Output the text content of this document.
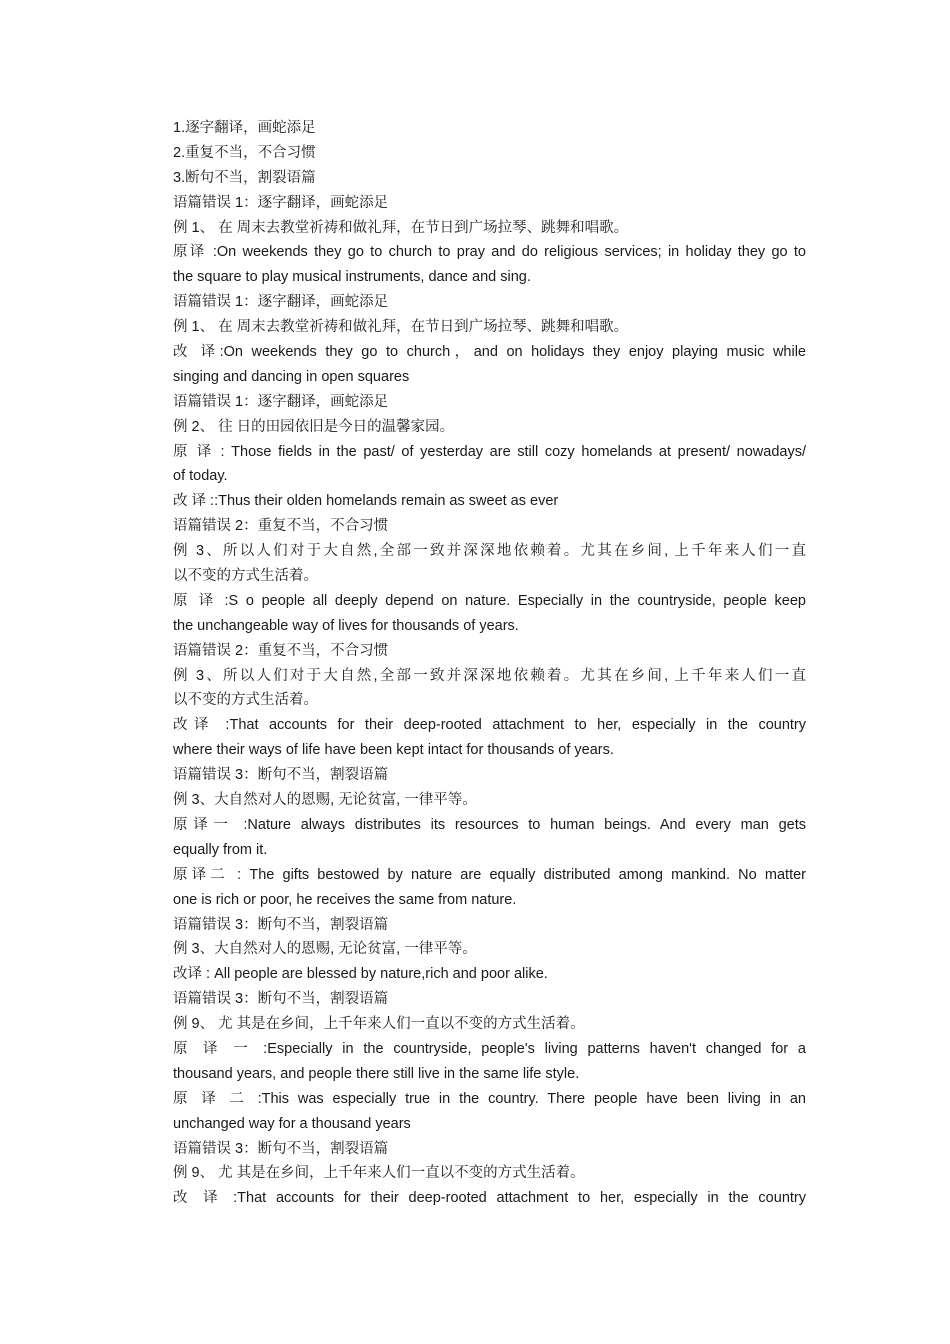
1.逐字翻译，画蛇添足
2.重复不当，不合习惯
3.断句不当，割裂语篇
语篇错误 1：逐字翻译，画蛇添足
例 1、 在 周末去教堂祈祷和做礼拜，在节日到广场拉琴、跳舞和唱歌。
原译 :On weekends they go to church to pray and do religious services; in holiday they go to
the square to play musical instruments, dance and sing.
语篇错误 1：逐字翻译，画蛇添足
例 1、 在 周末去教堂祈祷和做礼拜，在节日到广场拉琴、跳舞和唱歌。
改 译:On weekends they go to church，and on holidays they enjoy playing music while
singing and dancing in open squares
语篇错误 1：逐字翻译，画蛇添足
例 2、 往 日的田园依旧是今日的温馨家园。
原 译 : Those fields in the past/ of yesterday are still cozy homelands at present/ nowadays/
of today.
改 译 ::Thus their olden homelands remain as sweet as ever
语篇错误 2：重复不当，不合习惯
例 3、所以人们对于大自然,全部一致并深深地依赖着。尤其在乡间, 上千年来人们一直
以不变的方式生活着。
原 译 :S o people all deeply depend on nature. Especially in the countryside, people keep
the unchangeable way of lives for thousands of years.
语篇错误 2：重复不当，不合习惯
例 3、所以人们对于大自然,全部一致并深深地依赖着。尤其在乡间, 上千年来人们一直
以不变的方式生活着。
改译 :That accounts for their deep-rooted attachment to her, especially in the country
where their ways of life have been kept intact for thousands of years.
语篇错误 3：断句不当，割裂语篇
例 3、大自然对人的恩赐, 无论贫富, 一律平等。
原译一 :Nature always distributes its resources to human beings. And every man gets
equally from it.
原译二 : The gifts bestowed by nature are equally distributed among mankind. No matter
one is rich or poor, he receives the same from nature.
语篇错误 3：断句不当，割裂语篇
例 3、大自然对人的恩赐, 无论贫富, 一律平等。
改译 : All people are blessed by nature,rich and poor alike.
语篇错误 3：断句不当，割裂语篇
例 9、 尤 其是在乡间，上千年来人们一直以不变的方式生活着。
原 译 一 :Especially in the countryside, people's living patterns haven't changed for a
thousand years, and people there still live in the same life style.
原 译 二 :This was especially true in the country. There people have been living in an
unchanged way for a thousand years
语篇错误 3：断句不当，割裂语篇
例 9、 尤 其是在乡间，上千年来人们一直以不变的方式生活着。
改 译 :That accounts for their deep-rooted attachment to her, especially in the country
